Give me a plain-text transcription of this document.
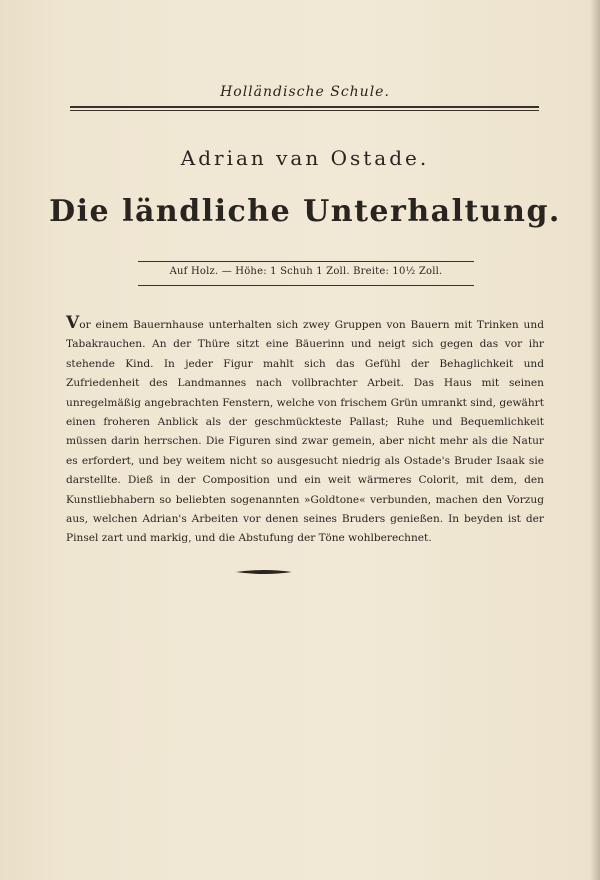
Holländische Schule.
Adrian van Ostade.
Die ländliche Unterhaltung.
Auf Holz. — Höhe: 1 Schuh 1 Zoll. Breite: 10½ Zoll.

Vor einem Bauernhause unterhalten sich zwey Gruppen von Bauern mit Trinken und Tabakrauchen. An der Thüre sitzt eine Bäuerinn und neigt sich gegen das vor ihr stehende Kind. In jeder Figur mahlt sich das Gefühl der Behaglichkeit und Zufriedenheit des Landmannes nach vollbrachter Arbeit. Das Haus mit seinen unregelmäßig angebrachten Fenstern, welche von frischem Grün umrankt sind, gewährt einen froheren Anblick als der geschmückteste Pallast; Ruhe und Bequemlichkeit müssen darin herrschen. Die Figuren sind zwar gemein, aber nicht mehr als die Natur es erfordert, und bey weitem nicht so ausgesucht niedrig als Ostade's Bruder Isaak sie darstellte. Dieß in der Composition und ein weit wärmeres Colorit, mit dem, den Kunstliebhabern so beliebten sogenannten »Goldtone« verbunden, machen den Vorzug aus, welchen Adrian's Arbeiten vor denen seines Bruders genießen. In beyden ist der Pinsel zart und markig, und die Abstufung der Töne wohlberechnet.
